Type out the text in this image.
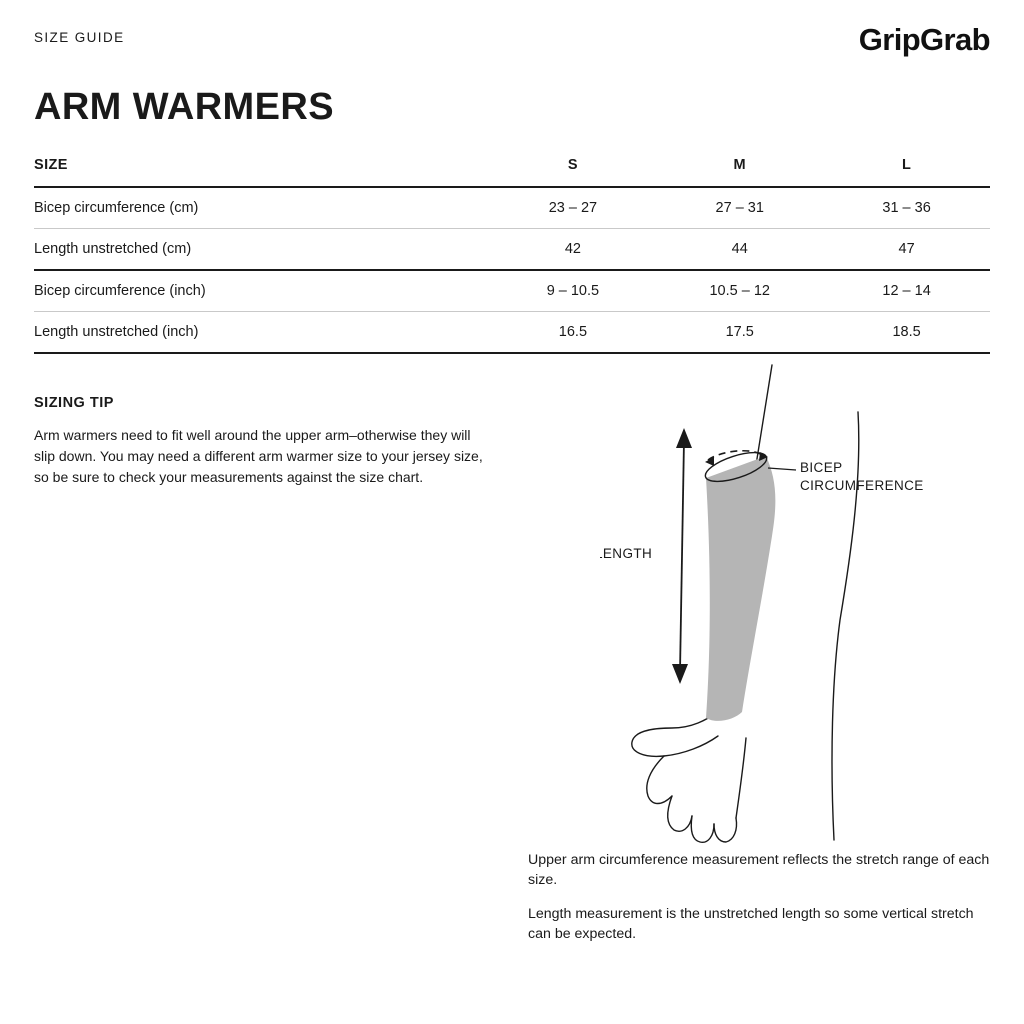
SIZE GUIDE	GripGrab
ARM WARMERS
SIZE	S	M	L
Bicep circumference (cm)	23 – 27	27 – 31	31 – 36
Length unstretched (cm)	42	44	47
Bicep circumference (inch)	9 – 10.5	10.5 – 12	12 – 14
Length unstretched (inch)	16.5	17.5	18.5
SIZING TIP
Arm warmers need to fit well around the upper arm–otherwise they will slip down. You may need a different arm warmer size to your jersey size, so be sure to check your measurements against the size chart.
BICEP
CIRCUMFERENCE
LENGTH

Upper arm circumference measurement reflects the stretch range of each size.

Length measurement is the unstretched length so some vertical stretch can be expected.
